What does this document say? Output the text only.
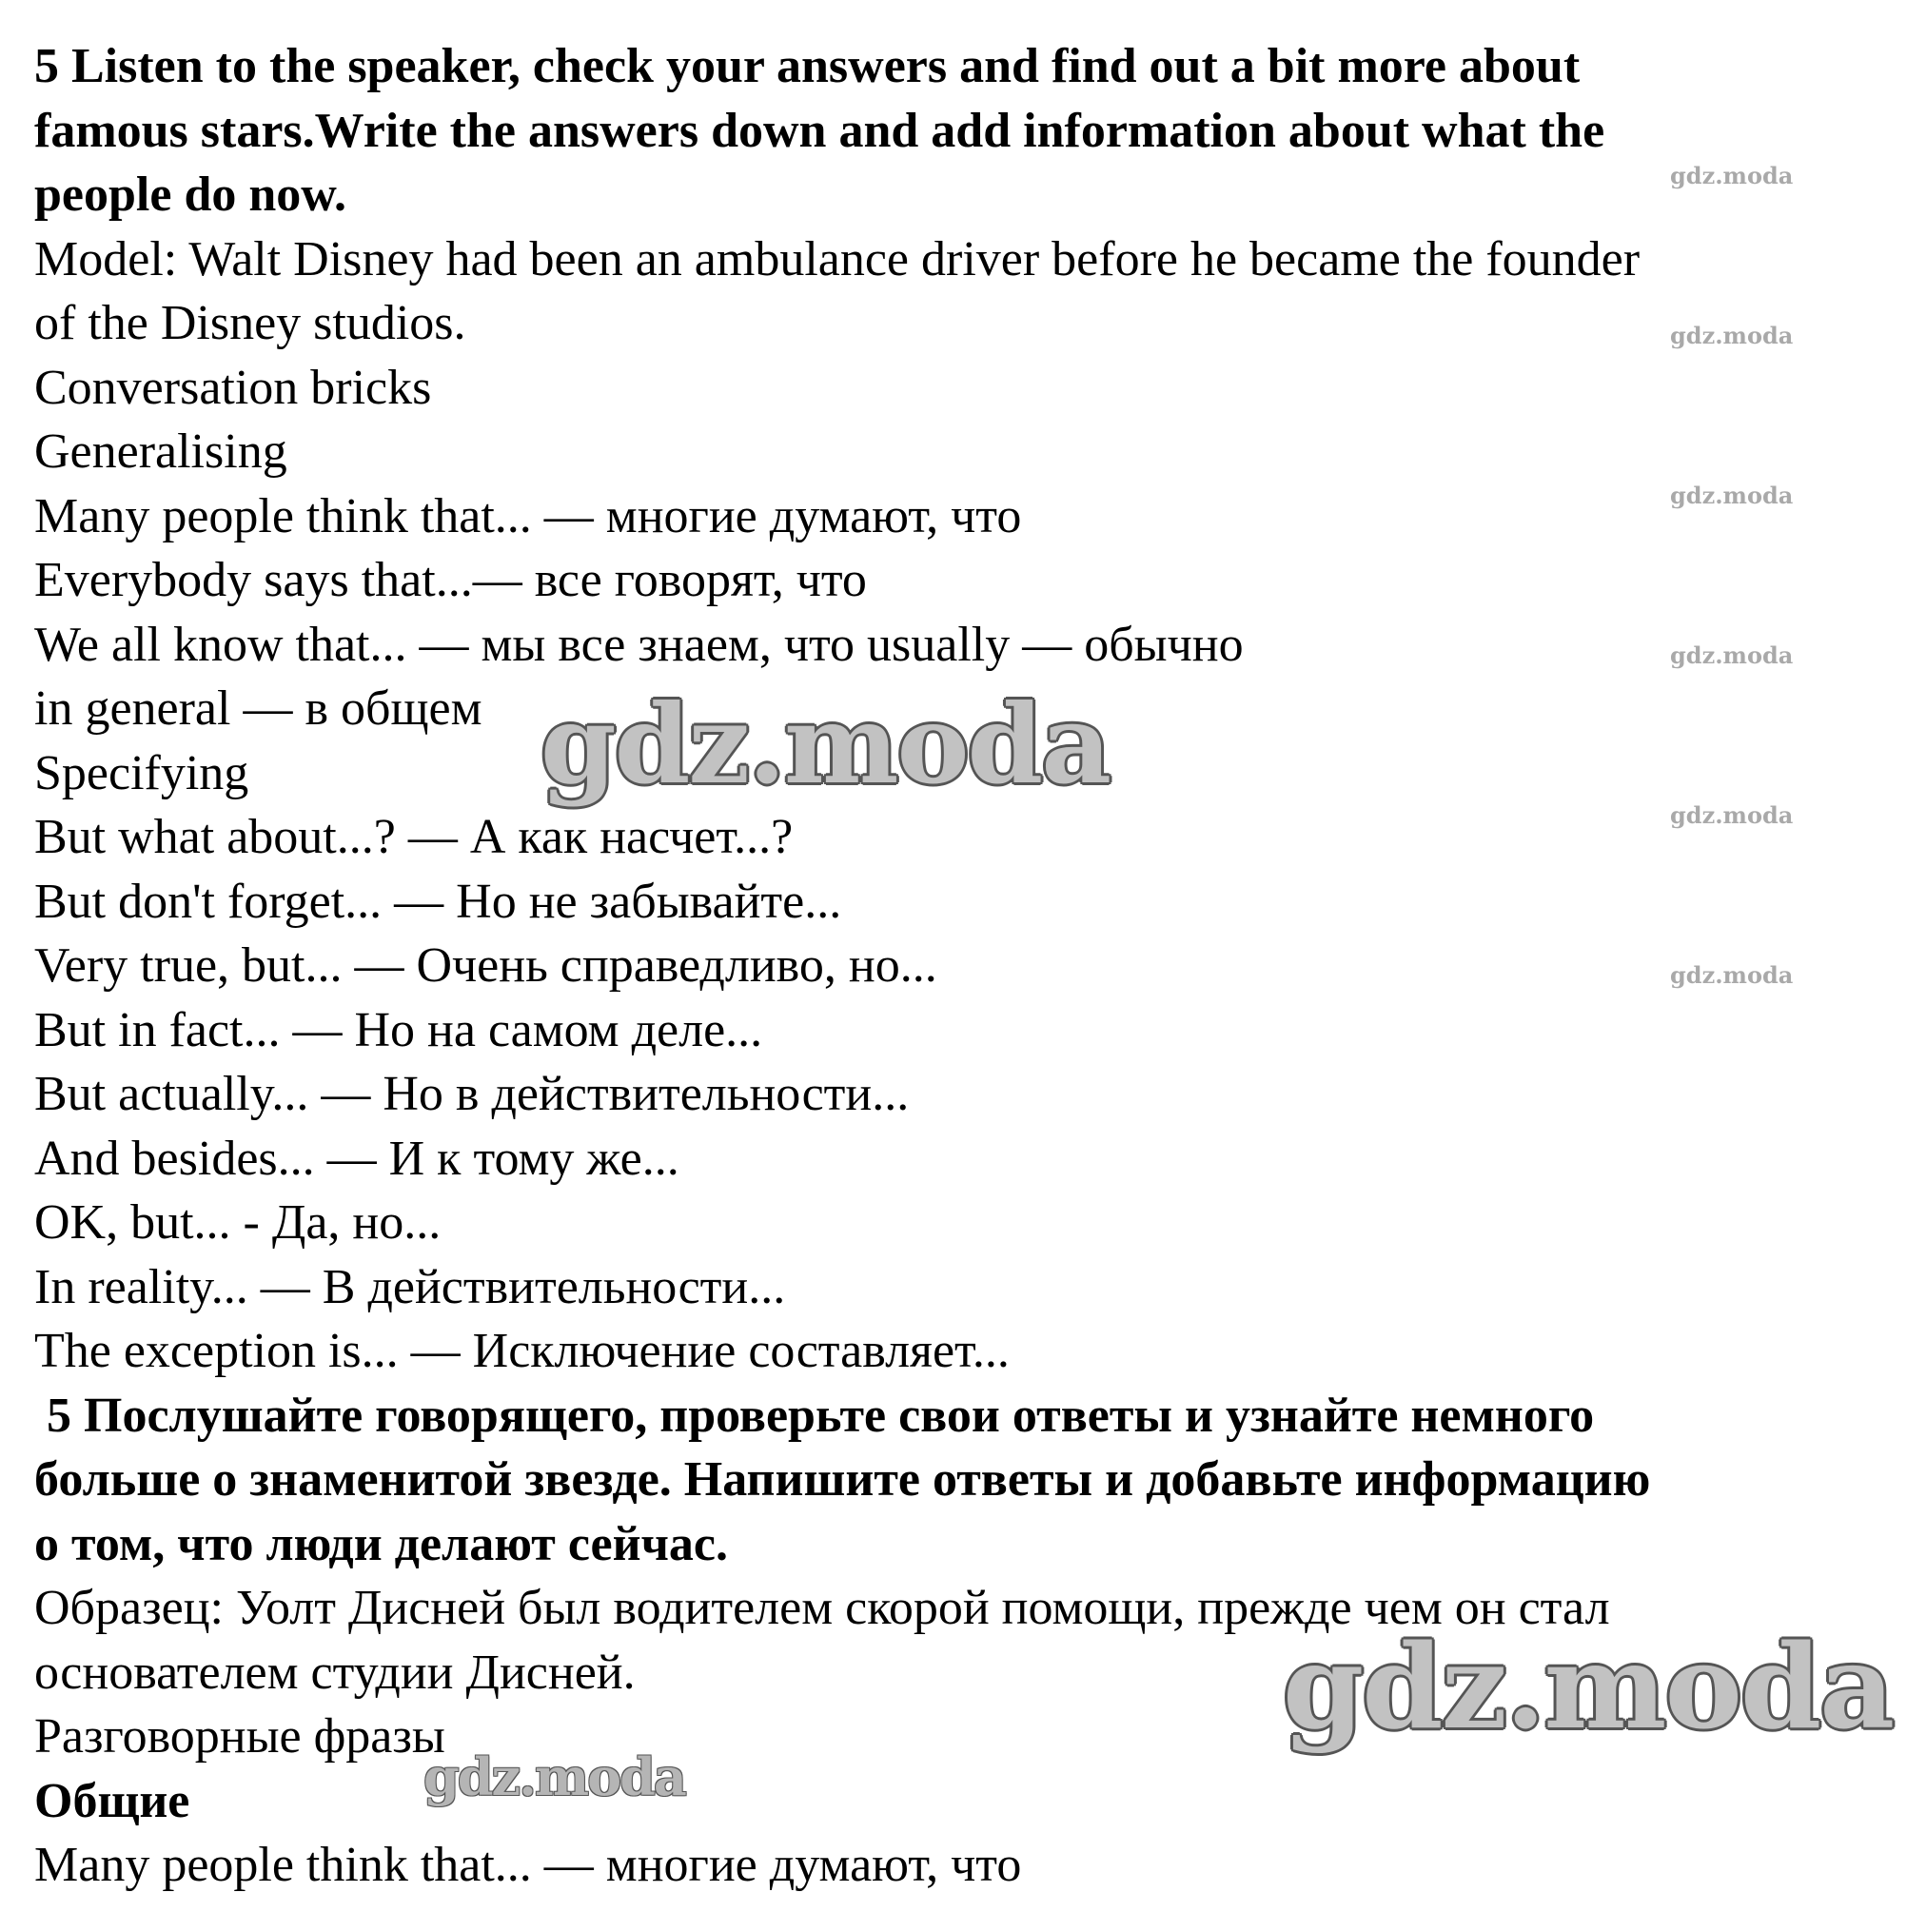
5 Listen to the speaker, check your answers and find out a bit more about
famous stars.Write the answers down and add information about what the
people do now.
Model: Walt Disney had been an ambulance driver before he became the founder
of the Disney studios.
Conversation bricks
Generalising
Many people think that... — многие думают, что
Everybody says that...— все говорят, что
We all know that... — мы все знаем, что usually — обычно
in general — в общем
Specifying
But what about...? — А как насчет...?
But don't forget... — Но не забывайте...
Very true, but... — Очень справедливо, но...
But in fact... — Но на самом деле...
But actually... — Но в действительности...
And besides... — И к тому же...
OK, but... - Да, но...
In reality... — В действительности...
The exception is... — Исключение составляет...
5 Послушайте говорящего, проверьте свои ответы и узнайте немного
больше о знаменитой звезде. Напишите ответы и добавьте информацию
о том, что люди делают сейчас.
Образец: Уолт Дисней был водителем скорой помощи, прежде чем он стал
основателем студии Дисней.
Разговорные фразы
Общие
Many people think that... — многие думают, что
gdz.moda
gdz.moda
gdz.moda
gdz.moda
gdz.moda
gdz.moda
gdz.moda
gdz.moda
gdz.moda
